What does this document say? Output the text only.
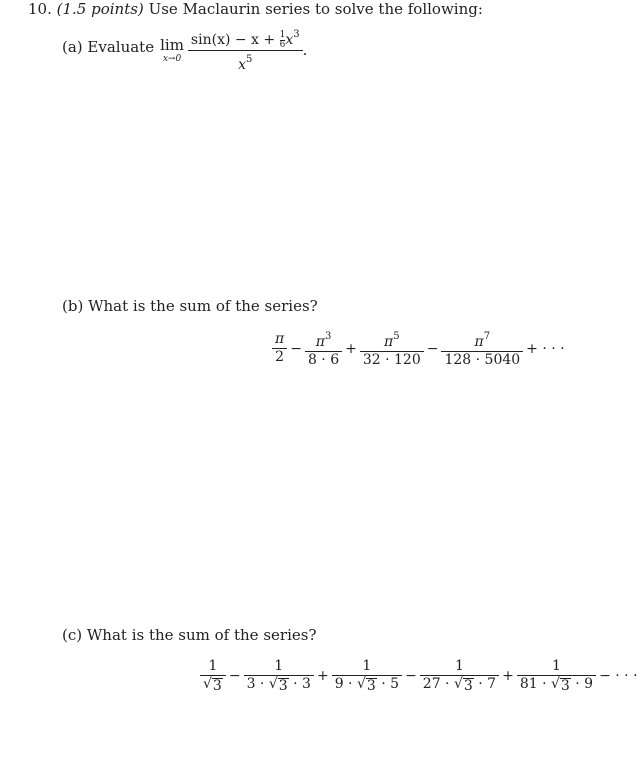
10. (1.5 points) Use Maclaurin series to solve the following:
(a) Evaluate lim
$x\to 0 \frac{\sin(x) - x + \frac{1}{6} x^3}{x^5}$ .
(b) What is the sum of the series?
$\frac{\pi}{2} - \frac{\pi^3}{8 \cdot 6} + \frac{\pi^5}{32 \cdot 120} - \frac{\pi^7}{128 \cdot 5040}$ + · · ·
(c) What is the sum of the series?
$\frac{1}{√ 3} - \frac{1}{3 \cdot √ 3 \cdot 3} + \frac{1}{9 \cdot √ 3 \cdot 5} - \frac{1}{27 \cdot √ 3 \cdot 7} + \frac{1}{81 \cdot √ 3 \cdot 9}$ − · · ·
